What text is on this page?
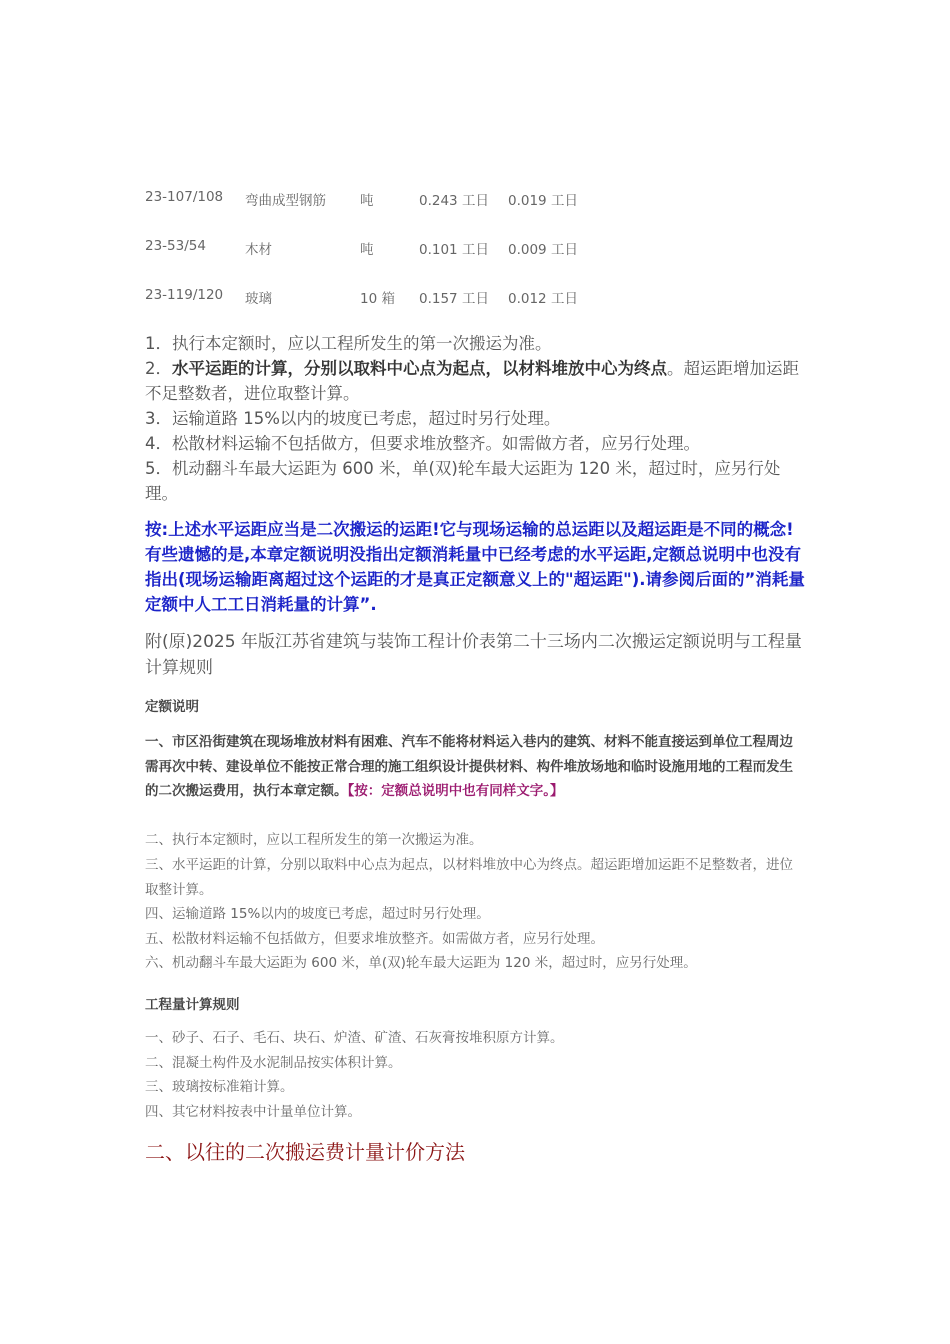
23-107/108 弯曲成型钢筋	吨	0.243 工日 0.019 工日
23-53/54	木材	吨	0.101 工日 0.009 工日
23-119/120 玻璃	10 箱 0.157 工日 0.012 工日
1．执行本定额时，应以工程所发生的第一次搬运为准。
2．水平运距的计算，分别以取料中心点为起点，以材料堆放中心为终点。超运距增加运距不足整数者，进位取整计算。
3．运输道路 15%以内的坡度已考虑，超过时另行处理。
4．松散材料运输不包括做方，但要求堆放整齐。如需做方者，应另行处理。
5．机动翻斗车最大运距为 600 米，单(双)轮车最大运距为 120 米，超过时，应另行处理。
按:上述水平运距应当是二次搬运的运距!它与现场运输的总运距以及超运距是不同的概念!有些遗憾的是,本章定额说明没指出定额消耗量中已经考虑的水平运距,定额总说明中也没有指出(现场运输距离超过这个运距的才是真正定额意义上的"超运距").请参阅后面的”消耗量定额中人工工日消耗量的计算”.
附(原)2025 年版江苏省建筑与装饰工程计价表第二十三场内二次搬运定额说明与工程量计算规则
定额说明
一、市区沿街建筑在现场堆放材料有困难、汽车不能将材料运入巷内的建筑、材料不能直接运到单位工程周边需再次中转、建设单位不能按正常合理的施工组织设计提供材料、构件堆放场地和临时设施用地的工程而发生的二次搬运费用，执行本章定额。【按：定额总说明中也有同样文字。】
二、执行本定额时，应以工程所发生的第一次搬运为准。
三、水平运距的计算，分别以取料中心点为起点，以材料堆放中心为终点。超运距增加运距不足整数者，进位取整计算。
四、运输道路 15%以内的坡度已考虑，超过时另行处理。
五、松散材料运输不包括做方，但要求堆放整齐。如需做方者，应另行处理。
六、机动翻斗车最大运距为 600 米，单(双)轮车最大运距为 120 米，超过时，应另行处理。
工程量计算规则
一、砂子、石子、毛石、块石、炉渣、矿渣、石灰膏按堆积原方计算。
二、混凝土构件及水泥制品按实体积计算。
三、玻璃按标准箱计算。
四、其它材料按表中计量单位计算。
二、以往的二次搬运费计量计价方法
